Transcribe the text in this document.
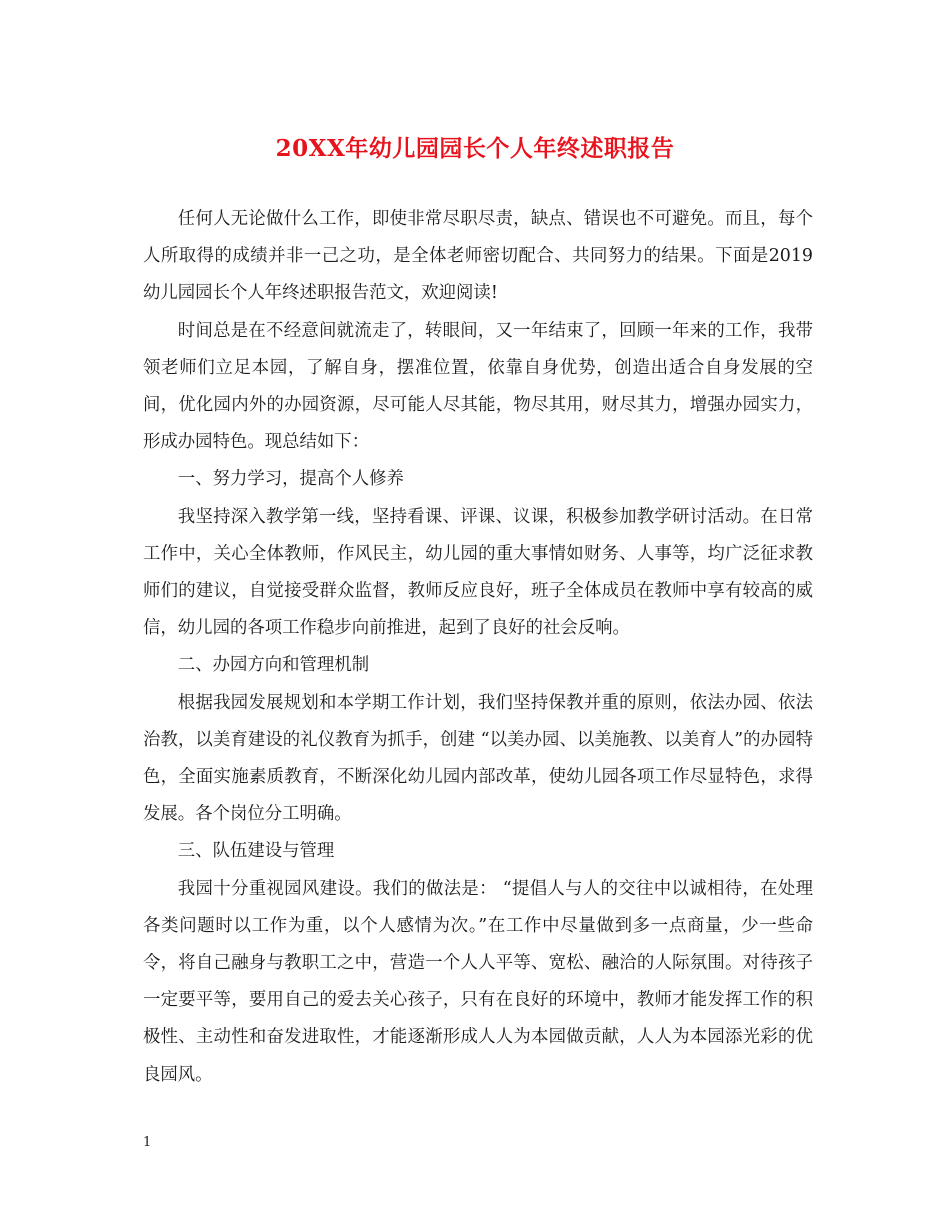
20XX年幼儿园园长个人年终述职报告

任何人无论做什么工作，即使非常尽职尽责，缺点、错误也不可避免。而且，每个人所取得的成绩并非一己之功，是全体老师密切配合、共同努力的结果。下面是2019幼儿园园长个人年终述职报告范文，欢迎阅读!

时间总是在不经意间就流走了，转眼间，又一年结束了，回顾一年来的工作，我带领老师们立足本园，了解自身，摆准位置，依靠自身优势，创造出适合自身发展的空间，优化园内外的办园资源，尽可能人尽其能，物尽其用，财尽其力，增强办园实力，形成办园特色。现总结如下：

一、努力学习，提高个人修养

我坚持深入教学第一线，坚持看课、评课、议课，积极参加教学研讨活动。在日常工作中，关心全体教师，作风民主，幼儿园的重大事情如财务、人事等，均广泛征求教师们的建议，自觉接受群众监督，教师反应良好，班子全体成员在教师中享有较高的威信，幼儿园的各项工作稳步向前推进，起到了良好的社会反响。

二、办园方向和管理机制

根据我园发展规划和本学期工作计划，我们坚持保教并重的原则，依法办园、依法治教，以美育建设的礼仪教育为抓手，创建 “以美办园、以美施教、以美育人”的办园特色，全面实施素质教育，不断深化幼儿园内部改革，使幼儿园各项工作尽显特色，求得发展。各个岗位分工明确。

三、队伍建设与管理

我园十分重视园风建设。我们的做法是： “提倡人与人的交往中以诚相待，在处理各类问题时以工作为重，以个人感情为次。”在工作中尽量做到多一点商量，少一些命令，将自己融身与教职工之中，营造一个人人平等、宽松、融洽的人际氛围。对待孩子一定要平等，要用自己的爱去关心孩子，只有在良好的环境中，教师才能发挥工作的积极性、主动性和奋发进取性，才能逐渐形成人人为本园做贡献，人人为本园添光彩的优良园风。

1
